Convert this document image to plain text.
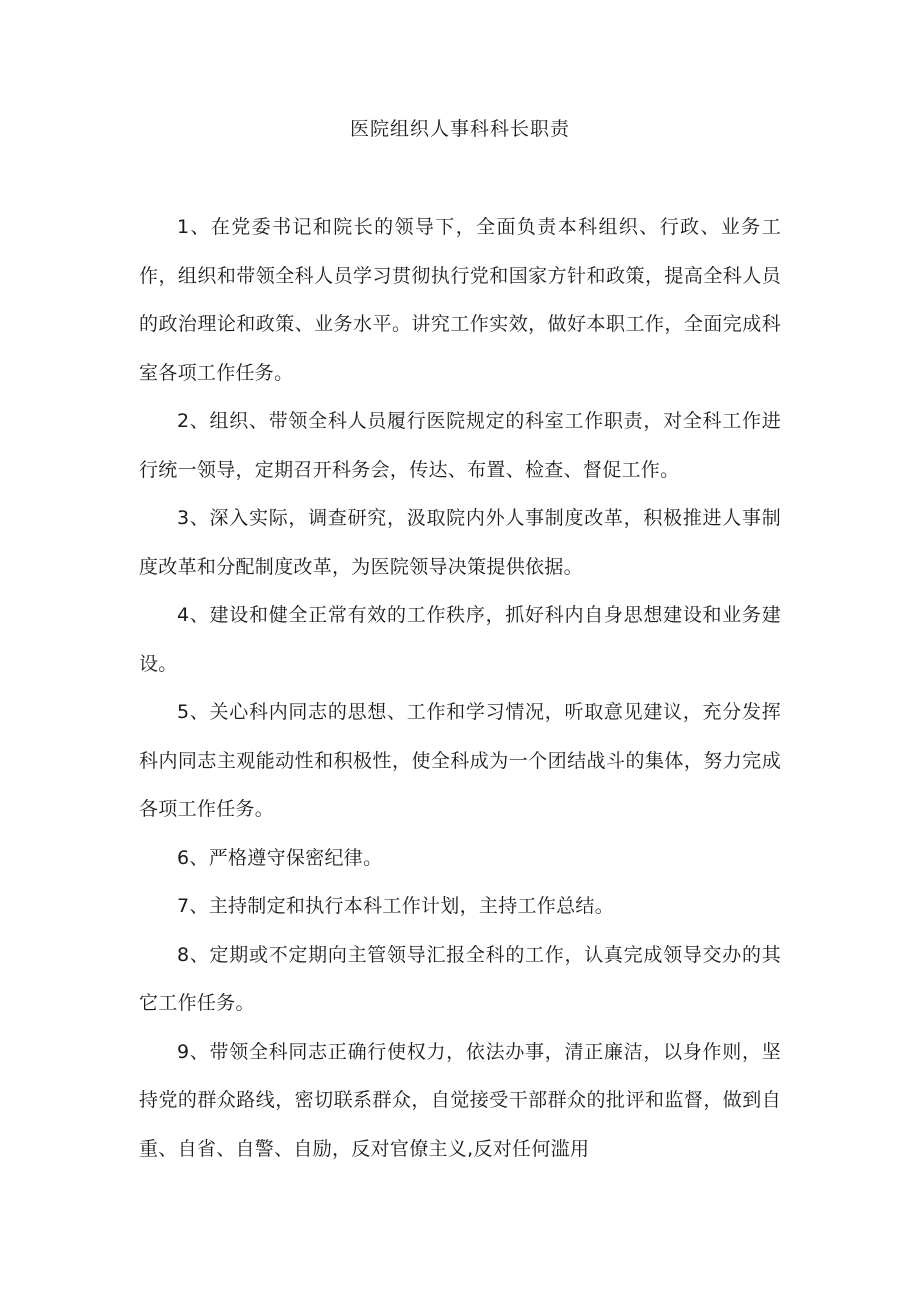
医院组织人事科科长职责

1、在党委书记和院长的领导下，全面负责本科组织、行政、业务工作，组织和带领全科人员学习贯彻执行党和国家方针和政策，提高全科人员的政治理论和政策、业务水平。讲究工作实效，做好本职工作，全面完成科室各项工作任务。

2、组织、带领全科人员履行医院规定的科室工作职责，对全科工作进行统一领导，定期召开科务会，传达、布置、检查、督促工作。

3、深入实际，调查研究，汲取院内外人事制度改革，积极推进人事制度改革和分配制度改革，为医院领导决策提供依据。

4、建设和健全正常有效的工作秩序，抓好科内自身思想建设和业务建设。

5、关心科内同志的思想、工作和学习情况，听取意见建议，充分发挥科内同志主观能动性和积极性，使全科成为一个团结战斗的集体，努力完成各项工作任务。

6、严格遵守保密纪律。

7、主持制定和执行本科工作计划，主持工作总结。

8、定期或不定期向主管领导汇报全科的工作，认真完成领导交办的其它工作任务。

9、带领全科同志正确行使权力，依法办事，清正廉洁，以身作则，坚持党的群众路线，密切联系群众，自觉接受干部群众的批评和监督，做到自重、自省、自警、自励，反对官僚主义,反对任何滥用
